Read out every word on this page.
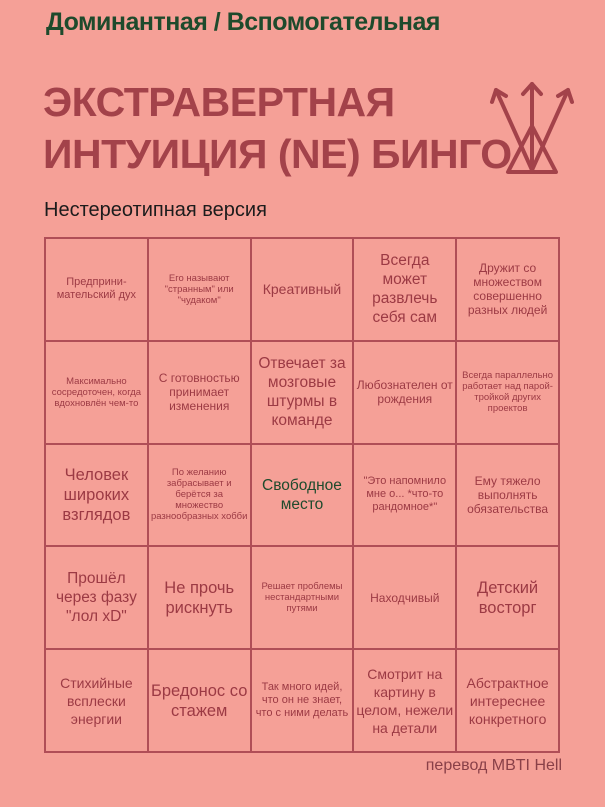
Доминантная / Вспомогательная
ЭКСТРАВЕРТНАЯ
ИНТУИЦИЯ (NE) БИНГО
Нестереотипная версия
Предприни-мательский дух
Его называют "странным" или "чудаком"
Креативный
Всегда может развлечь себя сам
Дружит со множеством совершенно разных людей
Максимально сосредоточен, когда вдохновлён чем-то
С готовностью принимает изменения
Отвечает за мозговые штурмы в команде
Любознателен от рождения
Всегда параллельно работает над парой-тройкой других проектов
Человек широких взглядов
По желанию забрасывает и берётся за множество разнообразных хобби
Свободное место
"Это напомнило мне о... *что-то рандомное*"
Ему тяжело выполнять обязательства
Прошёл через фазу "лол xD"
Не прочь рискнуть
Решает проблемы нестандартными путями
Находчивый
Детский восторг
Стихийные всплески энергии
Бредонос со стажем
Так много идей, что он не знает, что с ними делать
Смотрит на картину в целом, нежели на детали
Абстрактное интереснее конкретного
перевод MBTI Hell
